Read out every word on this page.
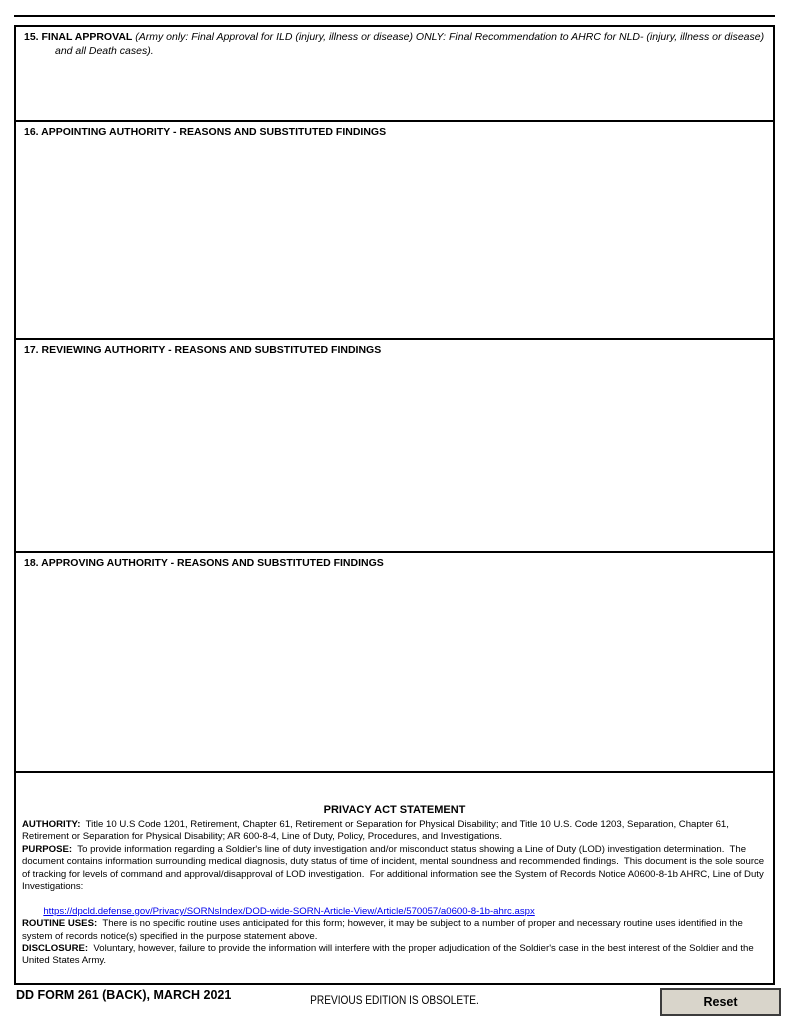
15. FINAL APPROVAL (Army only: Final Approval for ILD (injury, illness or disease) ONLY: Final Recommendation to AHRC for NLD- (injury, illness or disease) and all Death cases).
16. APPOINTING AUTHORITY - REASONS AND SUBSTITUTED FINDINGS
17. REVIEWING AUTHORITY - REASONS AND SUBSTITUTED FINDINGS
18. APPROVING AUTHORITY - REASONS AND SUBSTITUTED FINDINGS
PRIVACY ACT STATEMENT

AUTHORITY:  Title 10 U.S Code 1201, Retirement, Chapter 61, Retirement or Separation for Physical Disability; and Title 10 U.S. Code 1203, Separation, Chapter 61, Retirement or Separation for Physical Disability; AR 600-8-4, Line of Duty, Policy, Procedures, and Investigations.

PURPOSE:  To provide information regarding a Soldier's line of duty investigation and/or misconduct status showing a Line of Duty (LOD) investigation determination.  The document contains information surrounding medical diagnosis, duty status of time of incident, mental soundness and recommended findings.  This document is the sole source of tracking for levels of command and approval/disapproval of LOD investigation.  For additional information see the System of Records Notice A0600-8-1b AHRC, Line of Duty Investigations:

https://dpcld.defense.gov/Privacy/SORNsIndex/DOD-wide-SORN-Article-View/Article/570057/a0600-8-1b-ahrc.aspx

ROUTINE USES:  There is no specific routine uses anticipated for this form; however, it may be subject to a number of proper and necessary routine uses identified in the system of records notice(s) specified in the purpose statement above.

DISCLOSURE:  Voluntary, however, failure to provide the information will interfere with the proper adjudication of the Soldier's case in the best interest of the Soldier and the United States Army.

DD FORM 261 (BACK), MARCH 2021	PREVIOUS EDITION IS OBSOLETE.	Reset
